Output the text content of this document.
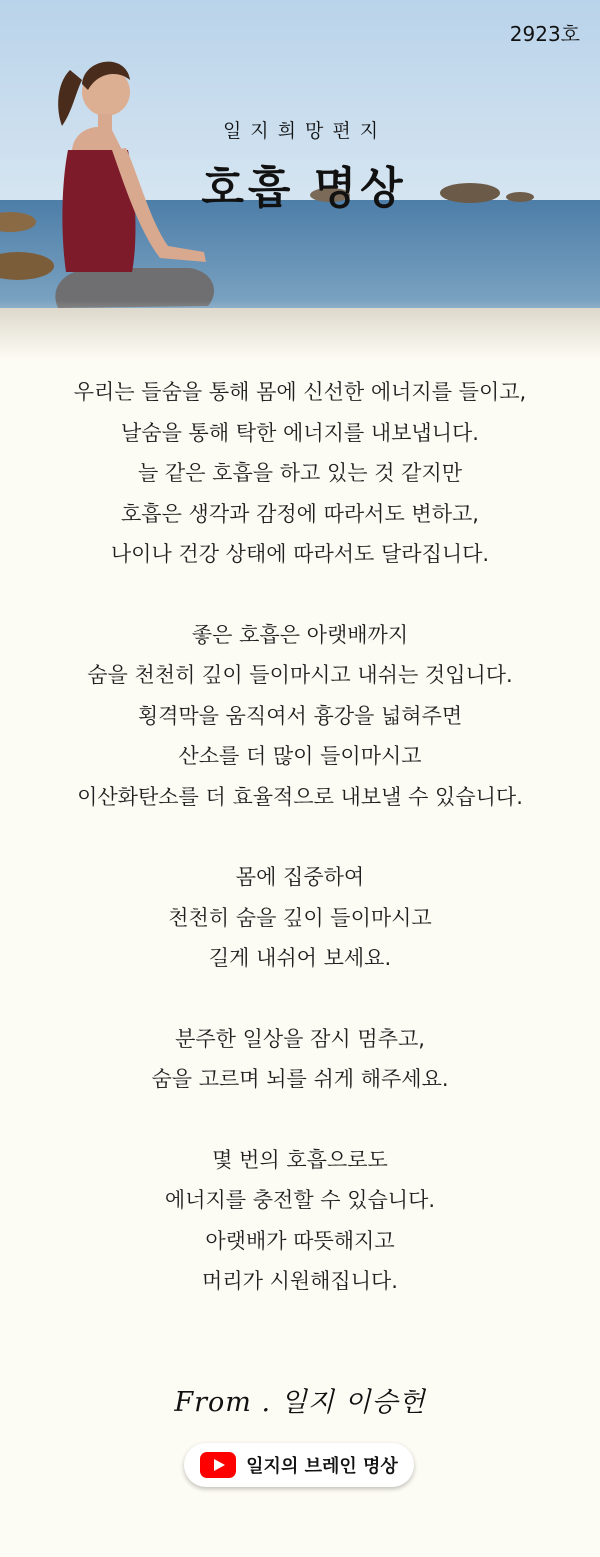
2923호
일지희망편지
호흡 명상
우리는 들숨을 통해 몸에 신선한 에너지를 들이고,
날숨을 통해 탁한 에너지를 내보냅니다.
늘 같은 호흡을 하고 있는 것 같지만
호흡은 생각과 감정에 따라서도 변하고,
나이나 건강 상태에 따라서도 달라집니다.
좋은 호흡은 아랫배까지
숨을 천천히 깊이 들이마시고 내쉬는 것입니다.
횡격막을 움직여서 흉강을 넓혀주면
산소를 더 많이 들이마시고
이산화탄소를 더 효율적으로 내보낼 수 있습니다.
몸에 집중하여
천천히 숨을 깊이 들이마시고
길게 내쉬어 보세요.
분주한 일상을 잠시 멈추고,
숨을 고르며 뇌를 쉬게 해주세요.
몇 번의 호흡으로도
에너지를 충전할 수 있습니다.
아랫배가 따뜻해지고
머리가 시원해집니다.
From . 일지 이승헌
일지의 브레인 명상
